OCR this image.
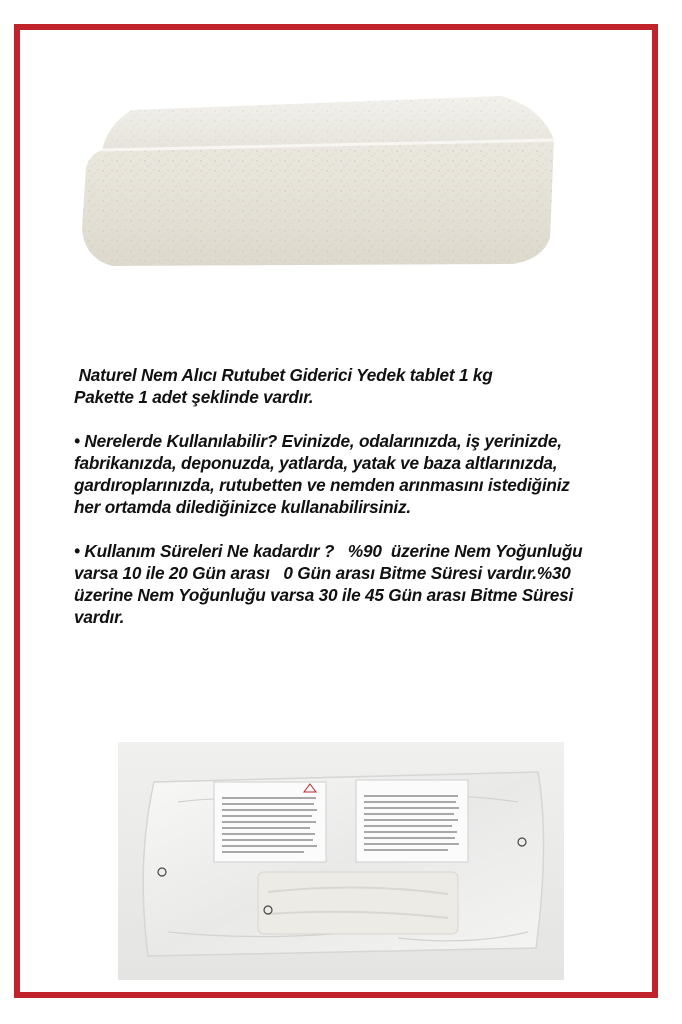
Naturel Nem Alıcı Rutubet Giderici Yedek tablet 1 kg

Pakette 1 adet şeklinde vardır.

• Nerelerde Kullanılabilir? Evinizde, odalarınızda, iş yerinizde,

fabrikanızda, deponuzda, yatlarda, yatak ve baza altlarınızda,

gardıroplarınızda, rutubetten ve nemden arınmasını istediğiniz

her ortamda dilediğinizce kullanabilirsiniz.

• Kullanım Süreleri Ne kadardır ?   %90  üzerine Nem Yoğunluğu

varsa 10 ile 20 Gün arası   0 Gün arası Bitme Süresi vardır.%30

üzerine Nem Yoğunluğu varsa 30 ile 45 Gün arası Bitme Süresi

vardır.
